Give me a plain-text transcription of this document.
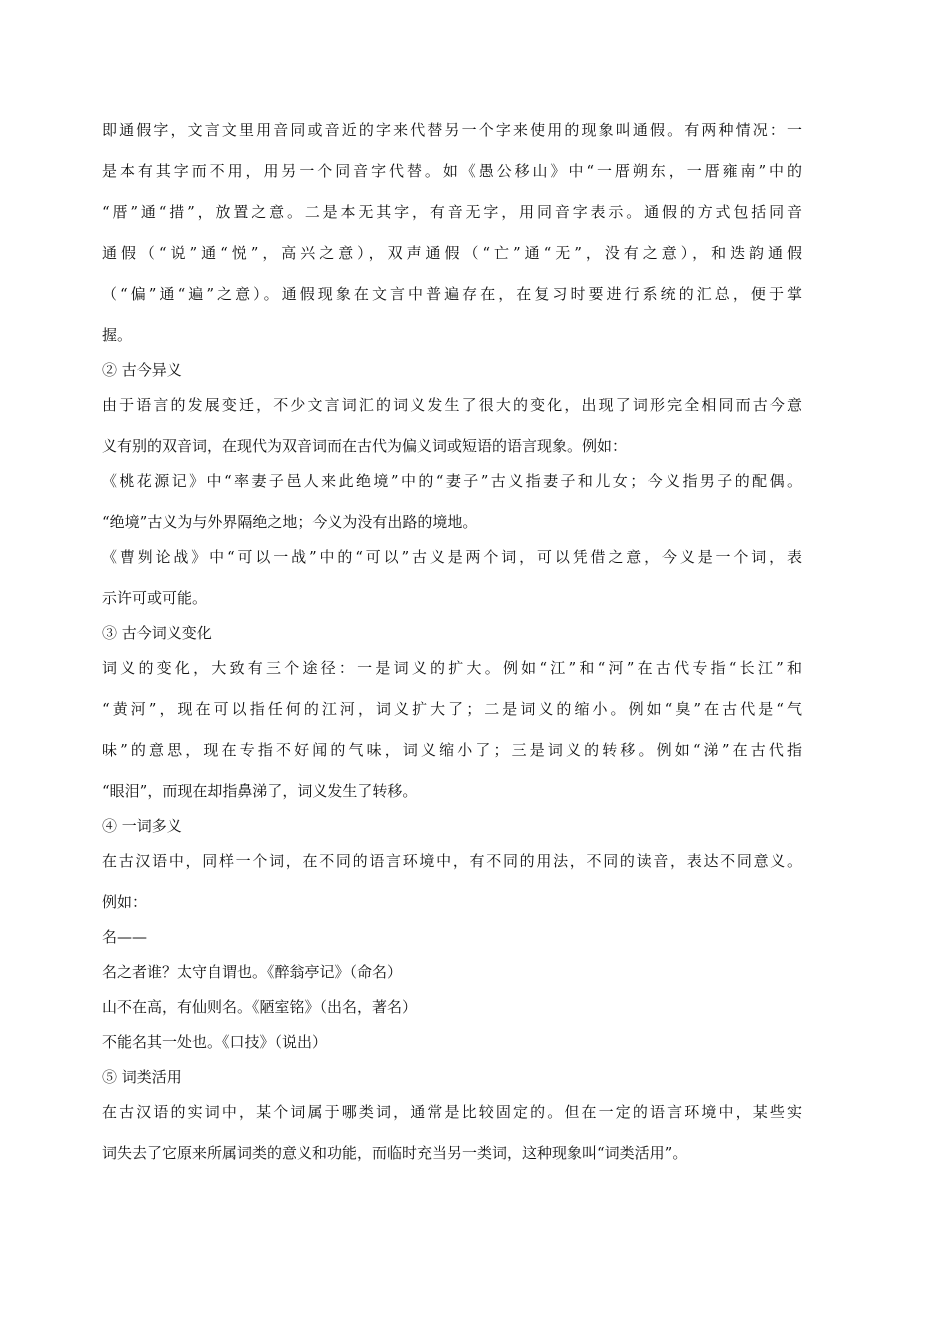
即通假字，文言文里用音同或音近的字来代替另一个字来使用的现象叫通假。有两种情况：一
是本有其字而不用，用另一个同音字代替。如《愚公移山》中“一厝朔东，一厝雍南”中的
“厝”通“措”，放置之意。二是本无其字，有音无字，用同音字表示。通假的方式包括同音
通假（“说”通“悦”，高兴之意），双声通假（“亡”通“无”，没有之意），和迭韵通假
（“偏”通“遍”之意）。通假现象在文言中普遍存在，在复习时要进行系统的汇总，便于掌
握。
② 古今异义
由于语言的发展变迁，不少文言词汇的词义发生了很大的变化，出现了词形完全相同而古今意
义有别的双音词，在现代为双音词而在古代为偏义词或短语的语言现象。例如：
《桃花源记》中“率妻子邑人来此绝境”中的“妻子”古义指妻子和儿女；今义指男子的配偶。
“绝境”古义为与外界隔绝之地；今义为没有出路的境地。
《曹刿论战》中“可以一战”中的“可以”古义是两个词，可以凭借之意，今义是一个词，表
示许可或可能。
③ 古今词义变化
词义的变化，大致有三个途径：一是词义的扩大。例如“江”和“河”在古代专指“长江”和
“黄河”，现在可以指任何的江河，词义扩大了；二是词义的缩小。例如“臭”在古代是“气
味”的意思，现在专指不好闻的气味，词义缩小了；三是词义的转移。例如“涕”在古代指
“眼泪”，而现在却指鼻涕了，词义发生了转移。
④ 一词多义
在古汉语中，同样一个词，在不同的语言环境中，有不同的用法，不同的读音，表达不同意义。
例如：
名——
名之者谁？太守自谓也。《醉翁亭记》（命名）
山不在高，有仙则名。《陋室铭》（出名，著名）
不能名其一处也。《口技》（说出）
⑤ 词类活用
在古汉语的实词中，某个词属于哪类词，通常是比较固定的。但在一定的语言环境中，某些实
词失去了它原来所属词类的意义和功能，而临时充当另一类词，这种现象叫“词类活用”。
